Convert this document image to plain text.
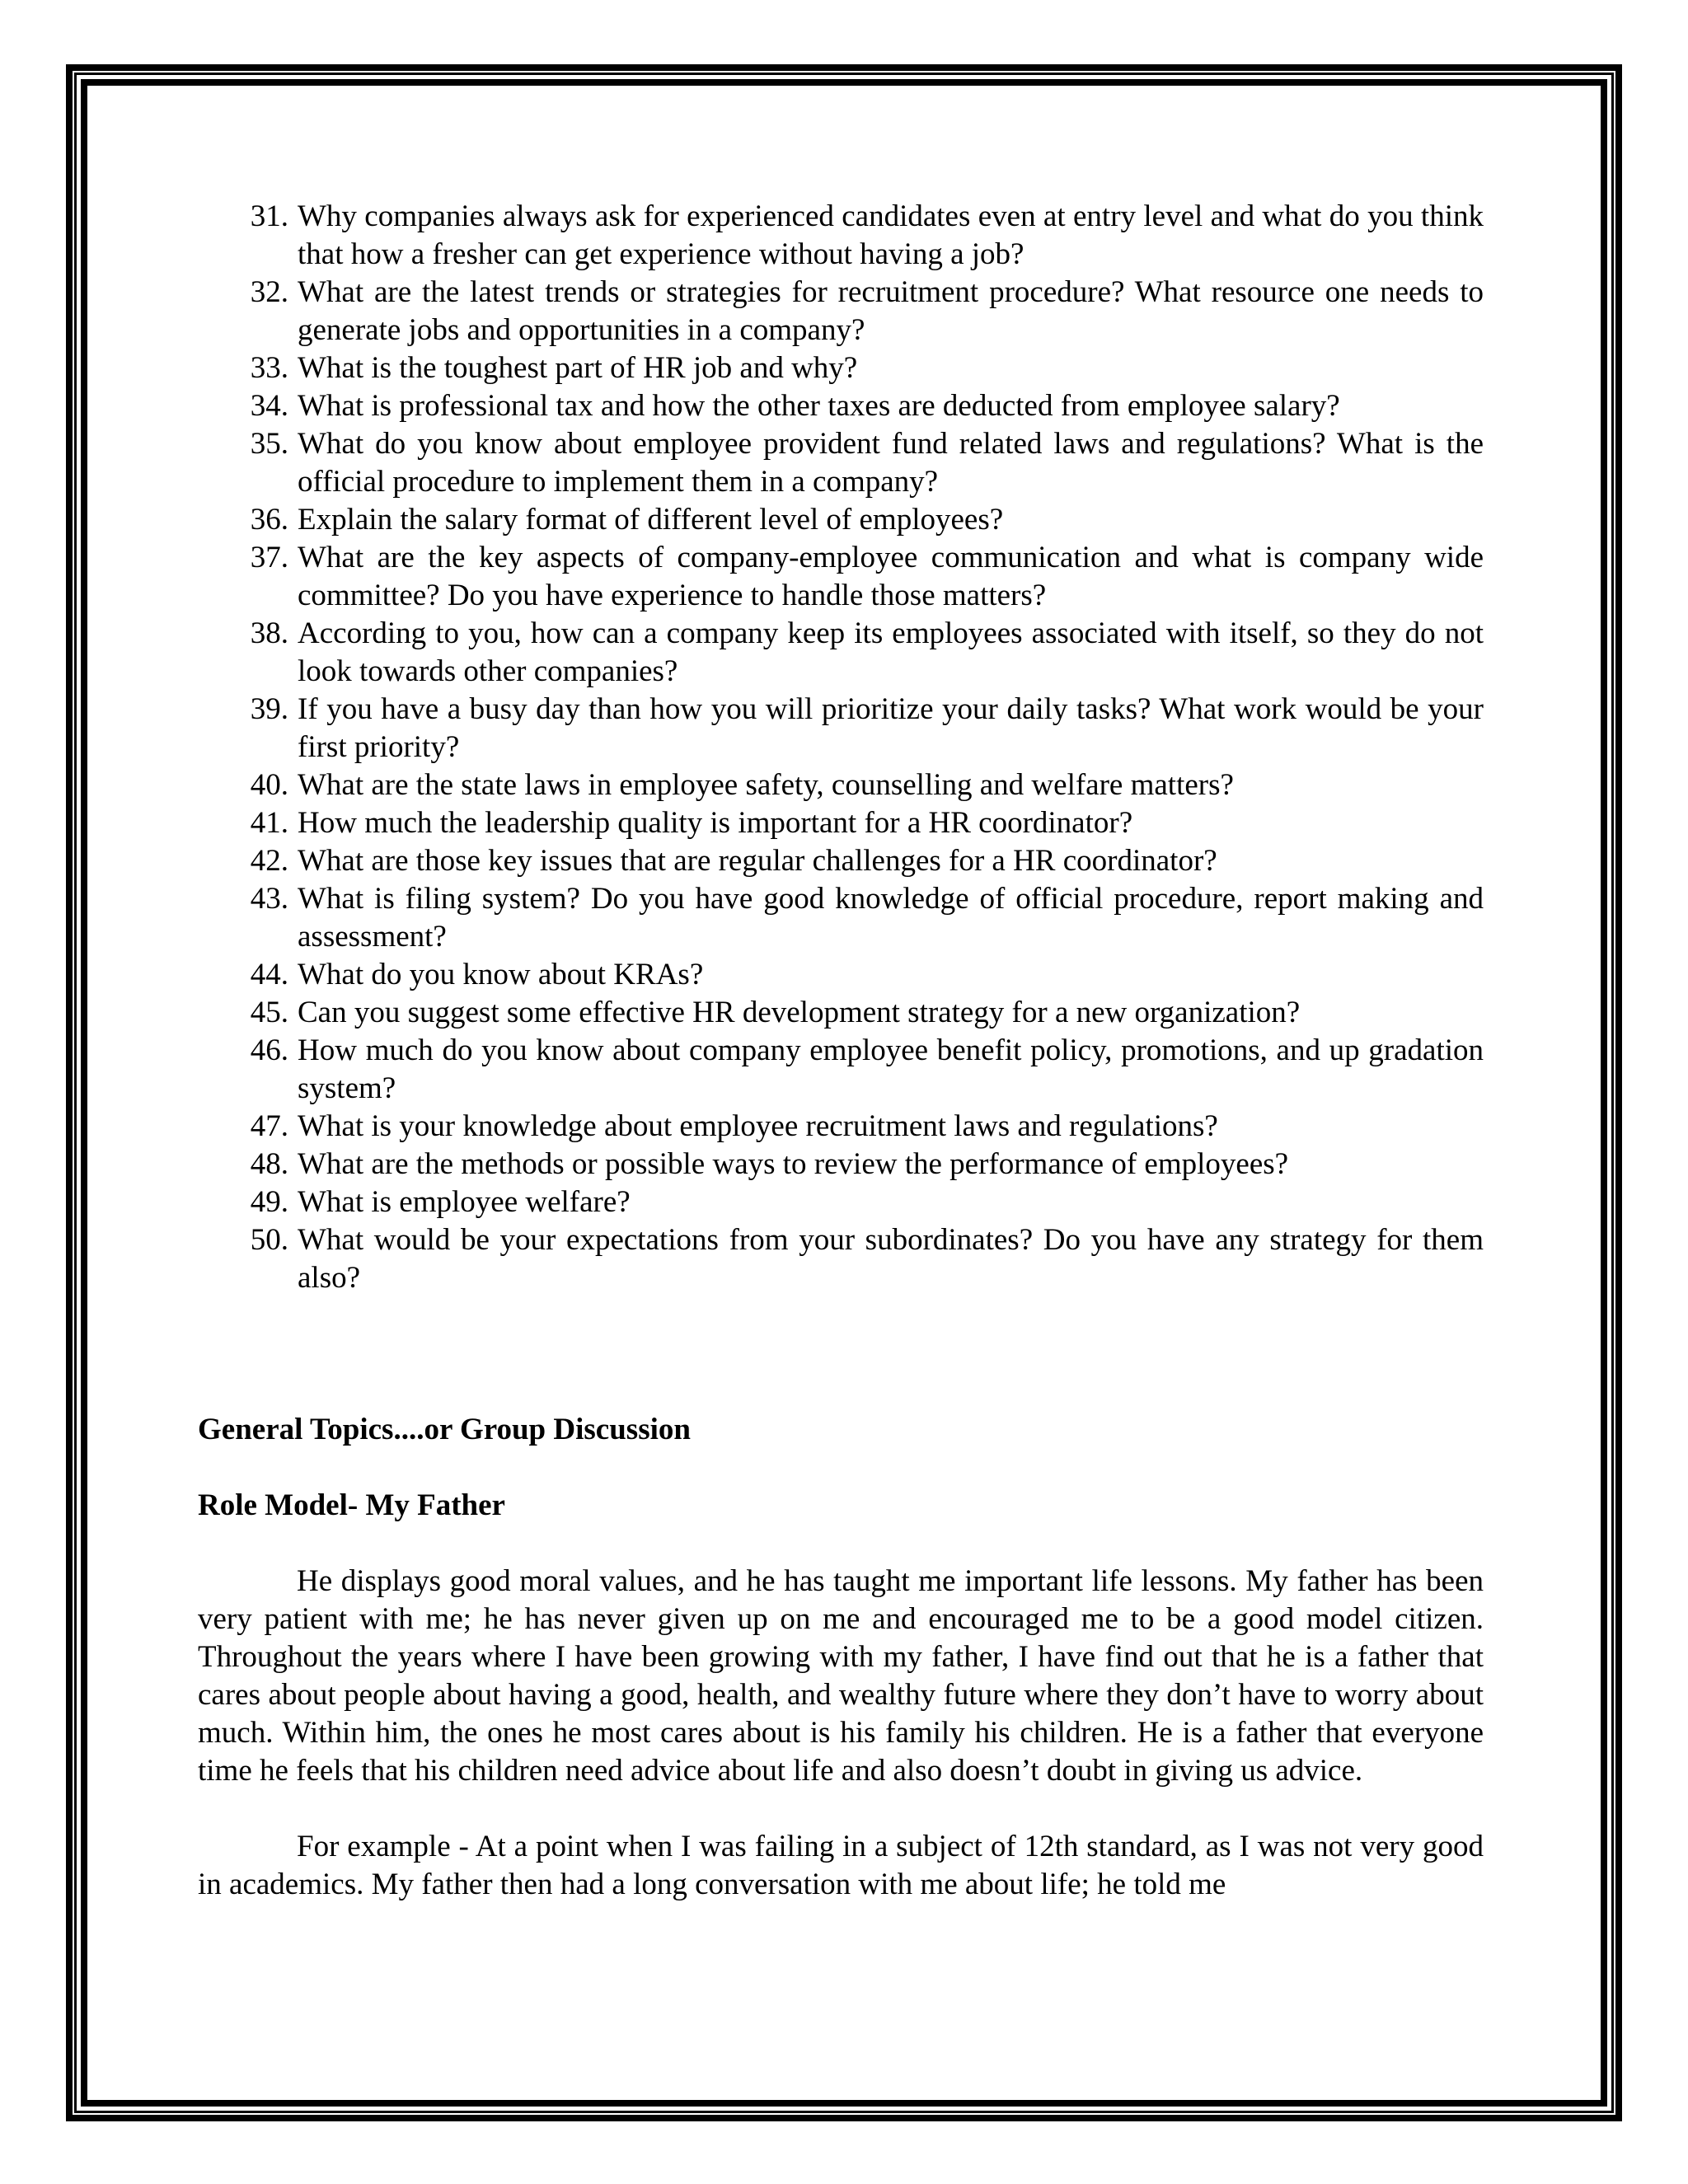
31. Why companies always ask for experienced candidates even at entry level and what do you think that how a fresher can get experience without having a job?
32. What are the latest trends or strategies for recruitment procedure? What resource one needs to generate jobs and opportunities in a company?
33. What is the toughest part of HR job and why?
34. What is professional tax and how the other taxes are deducted from employee salary?
35. What do you know about employee provident fund related laws and regulations? What is the official procedure to implement them in a company?
36. Explain the salary format of different level of employees?
37. What are the key aspects of company-employee communication and what is company wide committee? Do you have experience to handle those matters?
38. According to you, how can a company keep its employees associated with itself, so they do not look towards other companies?
39. If you have a busy day than how you will prioritize your daily tasks? What work would be your first priority?
40. What are the state laws in employee safety, counselling and welfare matters?
41. How much the leadership quality is important for a HR coordinator?
42. What are those key issues that are regular challenges for a HR coordinator?
43. What is filing system? Do you have good knowledge of official procedure, report making and assessment?
44. What do you know about KRAs?
45. Can you suggest some effective HR development strategy for a new organization?
46. How much do you know about company employee benefit policy, promotions, and up gradation system?
47. What is your knowledge about employee recruitment laws and regulations?
48. What are the methods or possible ways to review the performance of employees?
49. What is employee welfare?
50. What would be your expectations from your subordinates? Do you have any strategy for them also?

General Topics....or Group Discussion

Role Model- My Father

He displays good moral values, and he has taught me important life lessons. My father has been very patient with me; he has never given up on me and encouraged me to be a good model citizen. Throughout the years where I have been growing with my father, I have find out that he is a father that cares about people about having a good, health, and wealthy future where they don’t have to worry about much. Within him, the ones he most cares about is his family his children. He is a father that everyone time he feels that his children need advice about life and also doesn’t doubt in giving us advice.

For example - At a point when I was failing in a subject of 12th standard, as I was not very good in academics. My father then had a long conversation with me about life; he told me
